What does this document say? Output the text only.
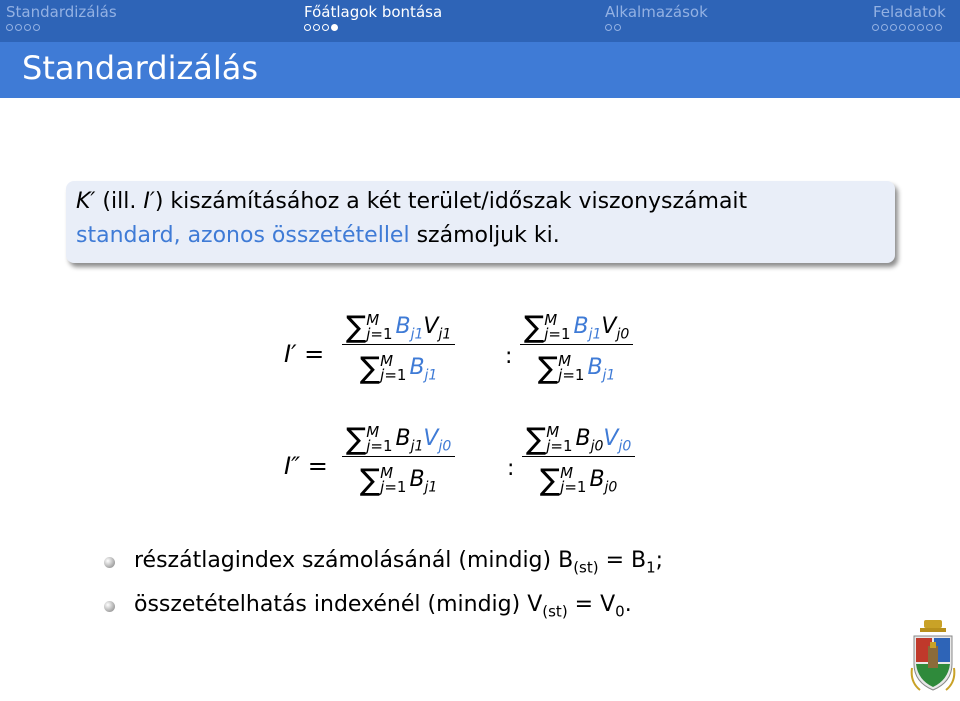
Standardizálás	Főátlagok bontása	Alkalmazások	Feladatok
Standardizálás
K′ (ill. I′) kiszámításához a két terület/időszak viszonyszámait
standard, azonos összetétellel számoljuk ki.
I′ =
∑ M
j=1 $B_{j1}V_{j1}$
∑ M
j=1 $B_{j1}$
:
∑ M
j=1 $B_{j1}V_{j0}$
∑ M
j=1 $B_{j1}$
I″ =
∑ M
j=1 $B_{j1}V_{j0}$
∑ M
j=1 $B_{j1}$
:
∑ M
j=1 $B_{j0}V_{j0}$
∑ M
j=1 $B_{j0}$
részátlagindex számolásánál (mindig) $B_{(st)} = B_1$;
összetételhatás indexénél (mindig) $V_{(st)} = V_0$.
